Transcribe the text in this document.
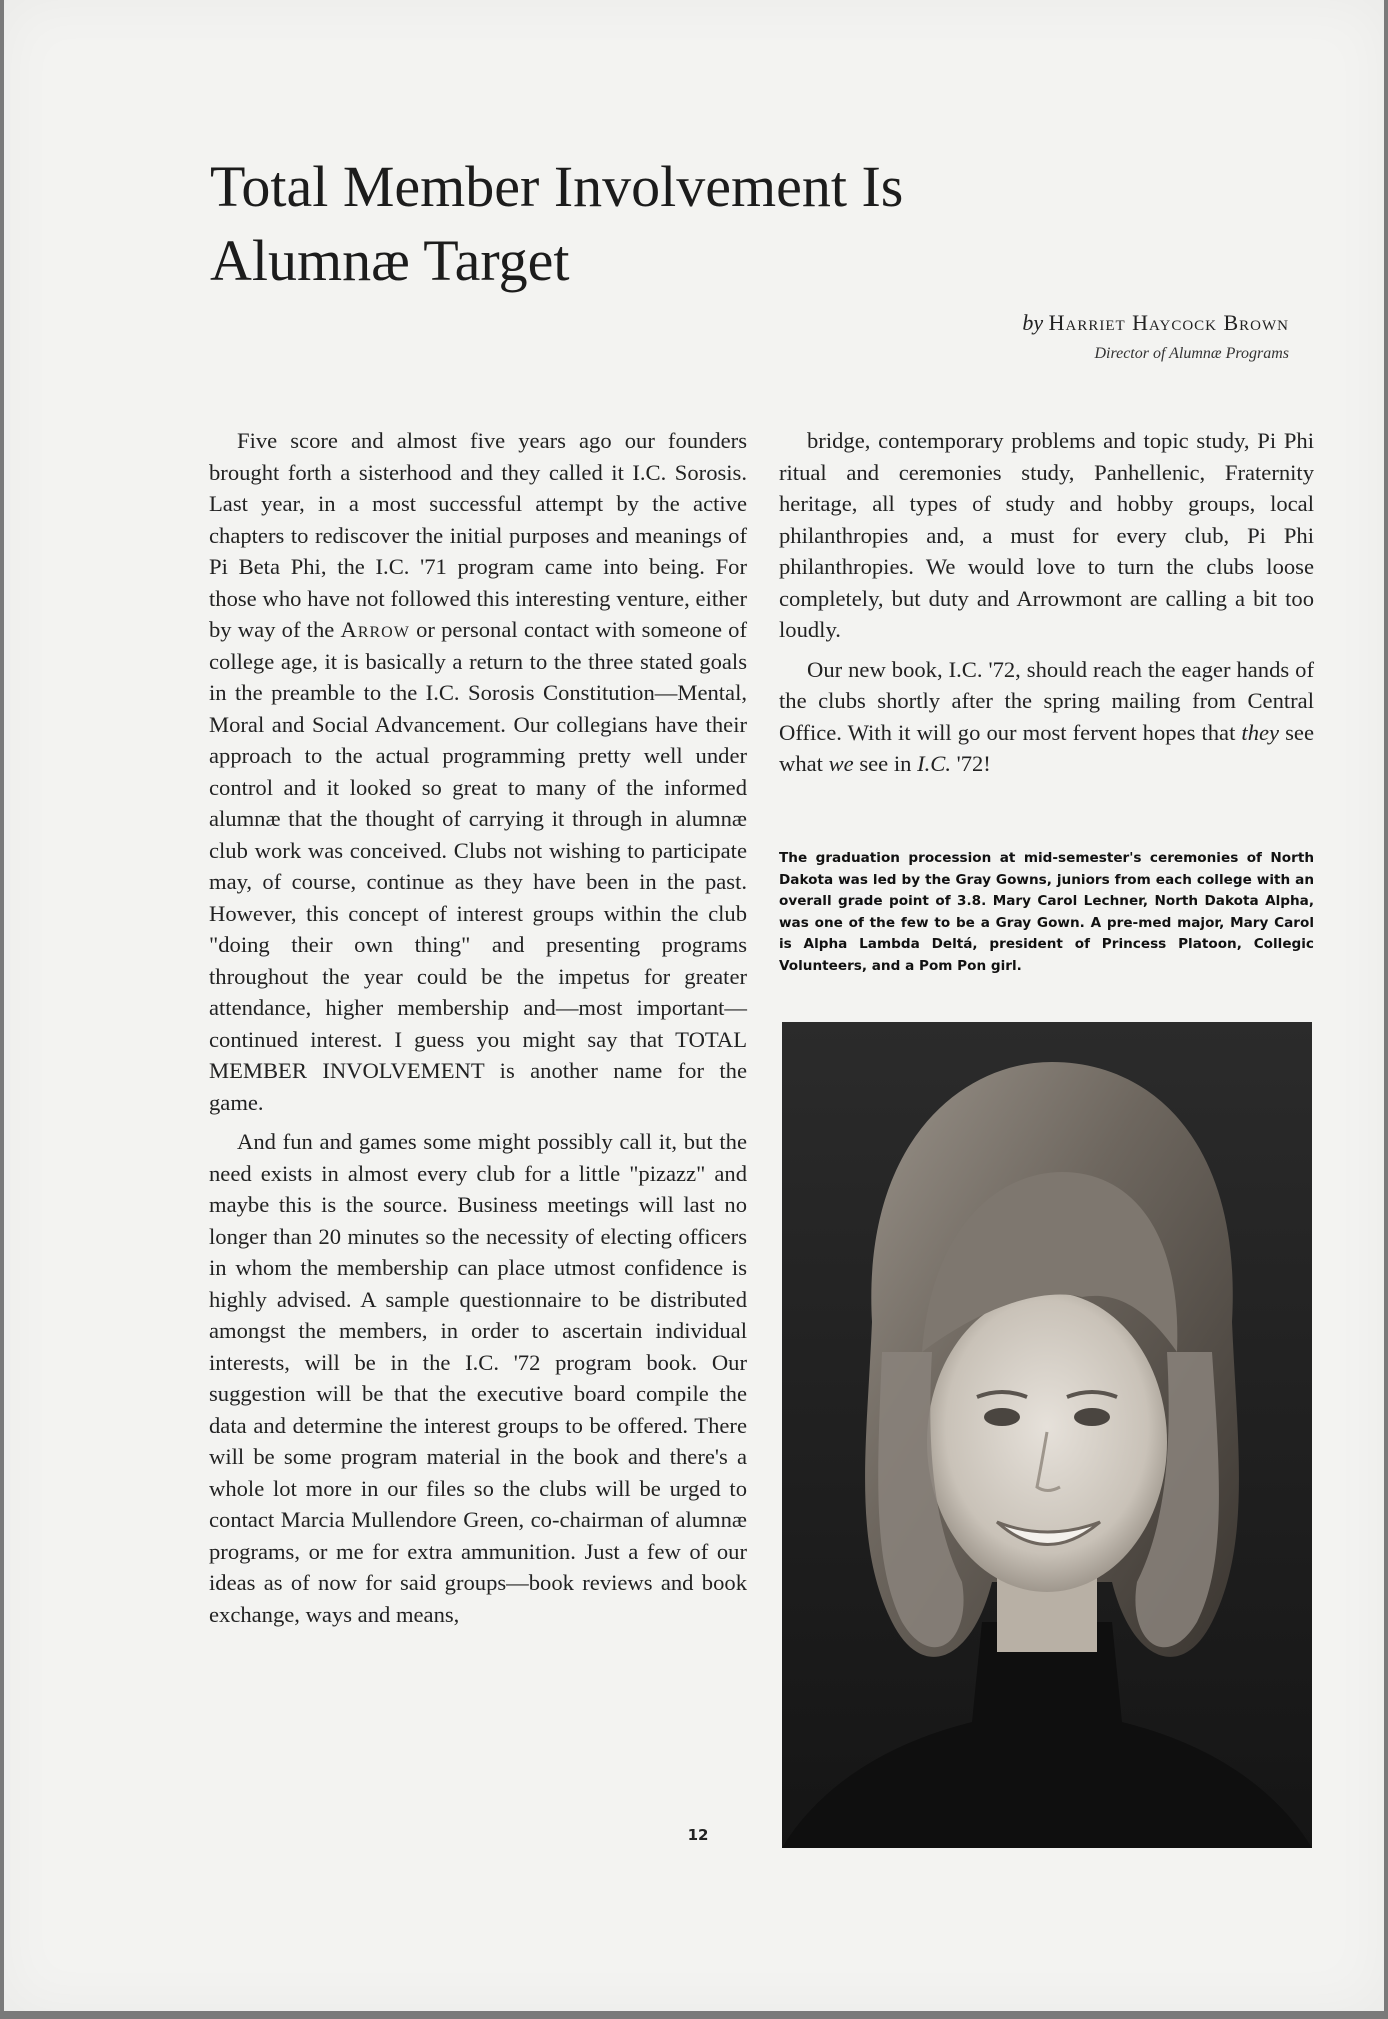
Total Member Involvement Is
Alumnæ Target
by Harriet Haycock Brown
Director of Alumnæ Programs

Five score and almost five years ago our founders brought forth a sisterhood and they called it I.C. Sorosis. Last year, in a most successful attempt by the active chapters to rediscover the initial purposes and meanings of Pi Beta Phi, the I.C. '71 program came into being. For those who have not followed this interesting venture, either by way of the Arrow or personal contact with someone of college age, it is basically a return to the three stated goals in the preamble to the I.C. Sorosis Constitution—Mental, Moral and Social Advancement. Our collegians have their approach to the actual programming pretty well under control and it looked so great to many of the informed alumnæ that the thought of carrying it through in alumnæ club work was conceived. Clubs not wishing to participate may, of course, continue as they have been in the past. However, this concept of interest groups within the club "doing their own thing" and presenting programs throughout the year could be the impetus for greater attendance, higher membership and—most important—continued interest. I guess you might say that TOTAL MEMBER INVOLVEMENT is another name for the game.

And fun and games some might possibly call it, but the need exists in almost every club for a little "pizazz" and maybe this is the source. Business meetings will last no longer than 20 minutes so the necessity of electing officers in whom the membership can place utmost confidence is highly advised. A sample questionnaire to be distributed amongst the members, in order to ascertain individual interests, will be in the I.C. '72 program book. Our suggestion will be that the executive board compile the data and determine the interest groups to be offered. There will be some program material in the book and there's a whole lot more in our files so the clubs will be urged to contact Marcia Mullendore Green, co-chairman of alumnæ programs, or me for extra ammunition. Just a few of our ideas as of now for said groups—book reviews and book exchange, ways and means,

bridge, contemporary problems and topic study, Pi Phi ritual and ceremonies study, Panhellenic, Fraternity heritage, all types of study and hobby groups, local philanthropies and, a must for every club, Pi Phi philanthropies. We would love to turn the clubs loose completely, but duty and Arrowmont are calling a bit too loudly.

Our new book, I.C. '72, should reach the eager hands of the clubs shortly after the spring mailing from Central Office. With it will go our most fervent hopes that they see what we see in I.C. '72!

The graduation procession at mid-semester's ceremonies of North Dakota was led by the Gray Gowns, juniors from each college with an overall grade point of 3.8. Mary Carol Lechner, North Dakota Alpha, was one of the few to be a Gray Gown. A pre-med major, Mary Carol is Alpha Lambda Deltá, president of Princess Platoon, Collegic Volunteers, and a Pom Pon girl.
12
